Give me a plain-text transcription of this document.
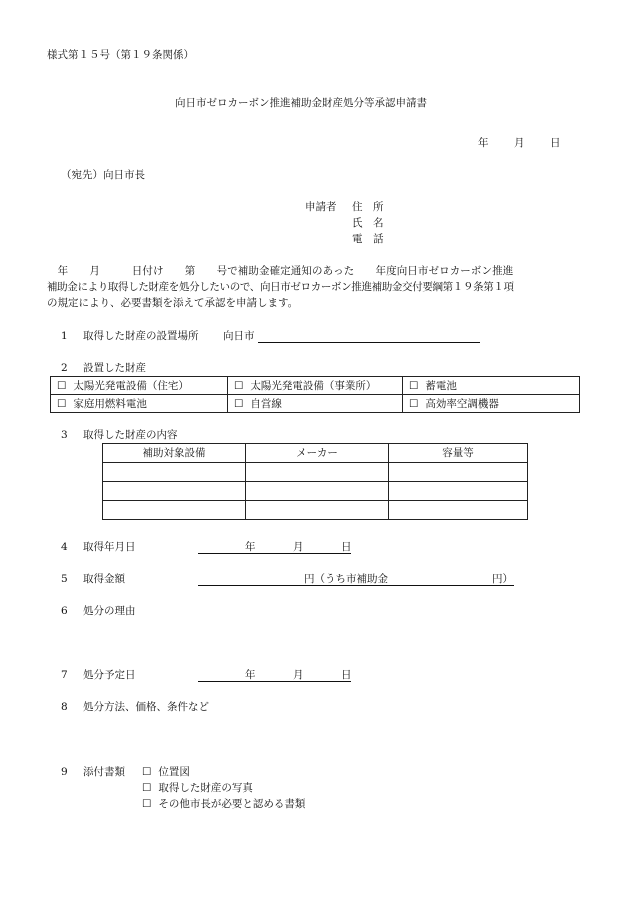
様式第１５号（第１９条関係）
向日市ゼロカーボン推進補助金財産処分等承認申請書
年 月 日
（宛先）向日市長
申請者 住　所
氏　名
電　話
　年　　月　　　日付け　　第　　号で補助金確定通知のあった　　年度向日市ゼロカーボン推進
補助金により取得した財産を処分したいので、向日市ゼロカーボン推進補助金交付要綱第１９条第１項
の規定により、必要書類を添えて承認を申請します。
1 取得した財産の設置場所 向日市
2 設置した財産
☐ 太陽光発電設備（住宅）	☐ 太陽光発電設備（事業所）	☐ 蓄電池
☐ 家庭用燃料電池	☐ 自営線	☐ 高効率空調機器
3 取得した財産の内容
補助対象設備	メーカー	容量等

4 取得年月日	年	月	日
5 取得金額	円（うち市補助金	円）
6 処分の理由
7 処分予定日	年	月	日
8 処分方法、価格、条件など
9 添付書類 ☐ 位置図
☐ 取得した財産の写真
☐ その他市長が必要と認める書類
